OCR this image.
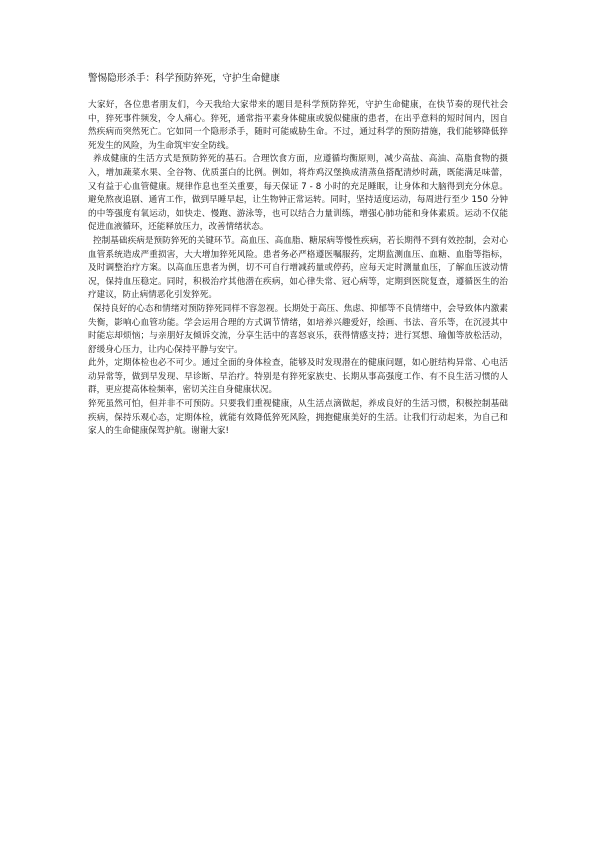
警惕隐形杀手：科学预防猝死，守护生命健康

大家好，各位患者朋友们，今天我给大家带来的题目是科学预防猝死，守护生命健康，在快节奏的现代社会中，猝死事件频发，令人痛心。猝死，通常指平素身体健康或貌似健康的患者，在出乎意料的短时间内，因自然疾病而突然死亡。它如同一个隐形杀手，随时可能威胁生命。不过，通过科学的预防措施，我们能够降低猝死发生的风险，为生命筑牢安全防线。

养成健康的生活方式是预防猝死的基石。合理饮食方面，应遵循均衡原则，减少高盐、高油、高脂食物的摄入，增加蔬菜水果、全谷物、优质蛋白的比例。例如，将炸鸡汉堡换成清蒸鱼搭配清炒时蔬，既能满足味蕾，又有益于心血管健康。规律作息也至关重要，每天保证 7 - 8 小时的充足睡眠，让身体和大脑得到充分休息。避免熬夜追剧、通宵工作，做到早睡早起，让生物钟正常运转。同时，坚持适度运动，每周进行至少 150 分钟的中等强度有氧运动，如快走、慢跑、游泳等，也可以结合力量训练，增强心肺功能和身体素质。运动不仅能促进血液循环，还能释放压力，改善情绪状态。

控制基础疾病是预防猝死的关键环节。高血压、高血脂、糖尿病等慢性疾病，若长期得不到有效控制，会对心血管系统造成严重损害，大大增加猝死风险。患者务必严格遵医嘱服药，定期监测血压、血糖、血脂等指标，及时调整治疗方案。以高血压患者为例，切不可自行增减药量或停药，应每天定时测量血压，了解血压波动情况，保持血压稳定。同时，积极治疗其他潜在疾病，如心律失常、冠心病等，定期到医院复查，遵循医生的治疗建议，防止病情恶化引发猝死。

保持良好的心态和情绪对预防猝死同样不容忽视。长期处于高压、焦虑、抑郁等不良情绪中，会导致体内激素失衡，影响心血管功能。学会运用合理的方式调节情绪，如培养兴趣爱好，绘画、书法、音乐等，在沉浸其中时能忘却烦恼；与亲朋好友倾诉交流，分享生活中的喜怒哀乐，获得情感支持；进行冥想、瑜伽等放松活动，舒缓身心压力，让内心保持平静与安宁。

此外，定期体检也必不可少。通过全面的身体检查，能够及时发现潜在的健康问题，如心脏结构异常、心电活动异常等，做到早发现、早诊断、早治疗。特别是有猝死家族史、长期从事高强度工作、有不良生活习惯的人群，更应提高体检频率，密切关注自身健康状况。

猝死虽然可怕，但并非不可预防。只要我们重视健康，从生活点滴做起，养成良好的生活习惯，积极控制基础疾病，保持乐观心态，定期体检，就能有效降低猝死风险，拥抱健康美好的生活。让我们行动起来，为自己和家人的生命健康保驾护航。谢谢大家!
